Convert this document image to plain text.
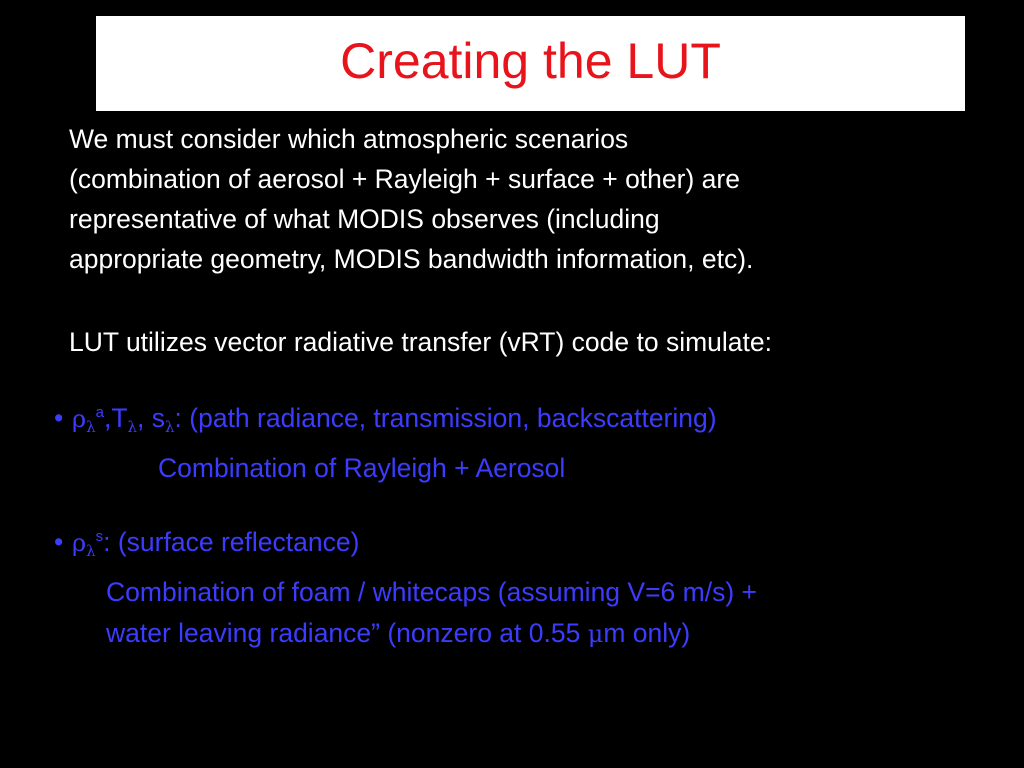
Creating the LUT
We must consider which atmospheric scenarios
(combination of aerosol + Rayleigh + surface + other) are
representative of what MODIS observes (including
appropriate geometry, MODIS bandwidth information, etc).
LUT utilizes vector radiative transfer (vRT) code to simulate:
• $\rho_\lambda^a,T_\lambda$, $s_\lambda$: (path radiance, transmission, backscattering)
Combination of Rayleigh + Aerosol
• $\rho_\lambda^s$: (surface reflectance)
Combination of foam / whitecaps (assuming V=6 m/s) +
water leaving radiance” (nonzero at 0.55 μm only)
